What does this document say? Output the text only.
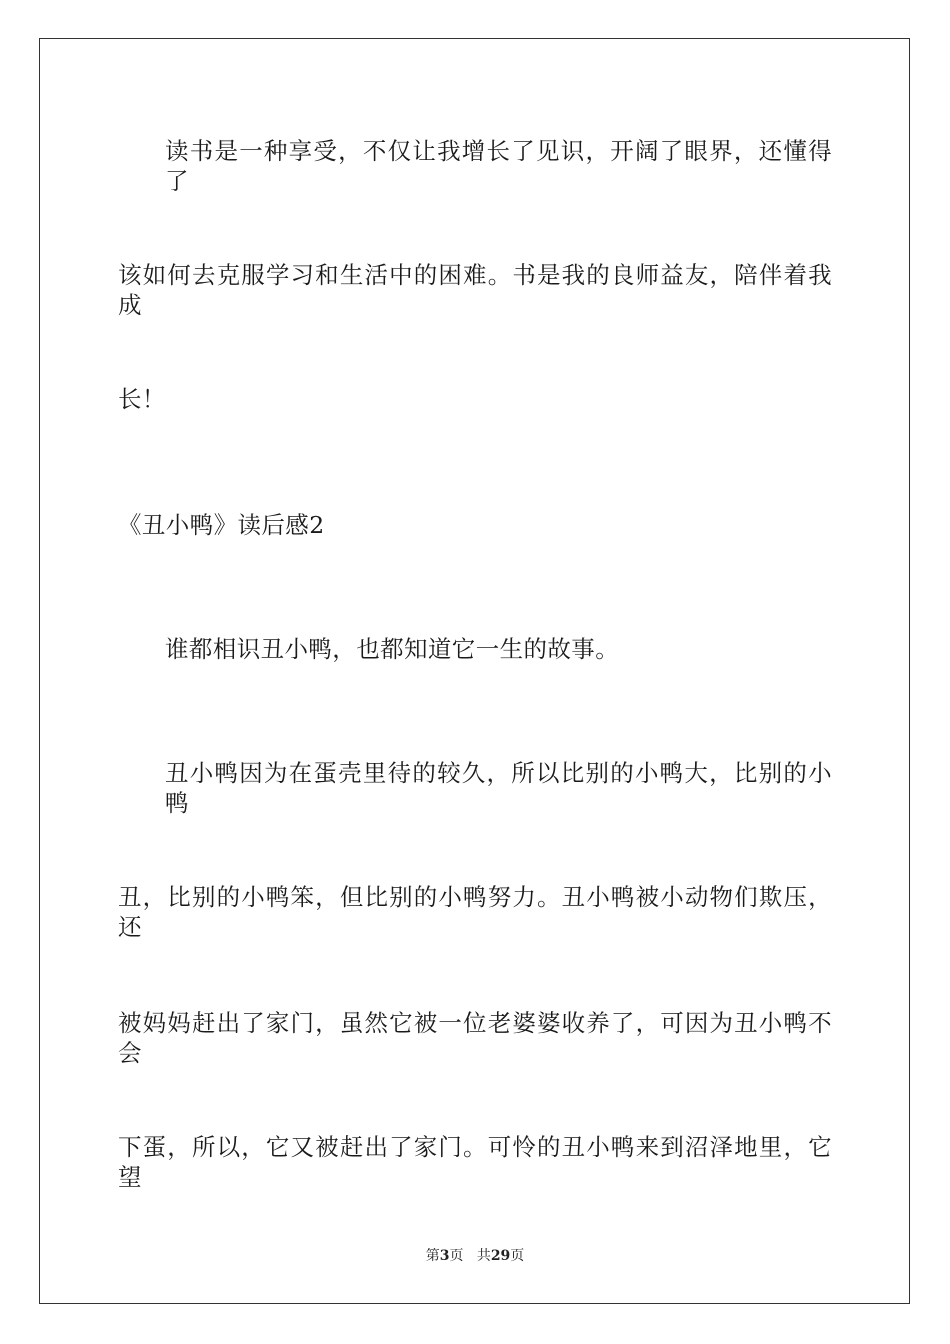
读书是一种享受，不仅让我增长了见识，开阔了眼界，还懂得了
该如何去克服学习和生活中的困难。书是我的良师益友，陪伴着我成
长！
《丑小鸭》读后感2
谁都相识丑小鸭，也都知道它一生的故事。
丑小鸭因为在蛋壳里待的较久，所以比别的小鸭大，比别的小鸭
丑，比别的小鸭笨，但比别的小鸭努力。丑小鸭被小动物们欺压，还
被妈妈赶出了家门，虽然它被一位老婆婆收养了，可因为丑小鸭不会
下蛋，所以，它又被赶出了家门。可怜的丑小鸭来到沼泽地里，它望
第3页 共29页
